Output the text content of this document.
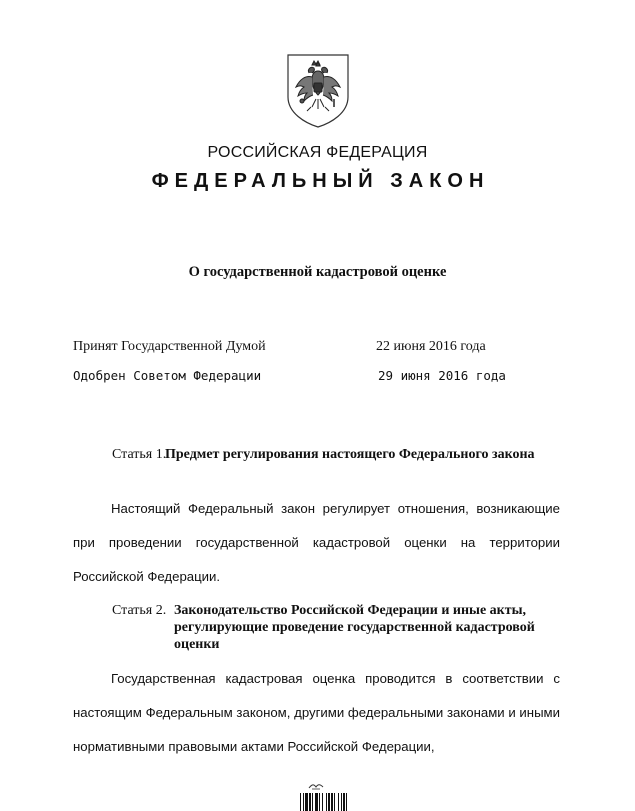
РОССИЙСКАЯ ФЕДЕРАЦИЯ
ФЕДЕРАЛЬНЫЙ ЗАКОН
О государственной кадастровой оценке
Принят Государственной Думой	22 июня 2016 года
Одобрен Советом Федерации	29 июня 2016 года
Статья 1.
Предмет регулирования настоящего Федерального закона

Настоящий Федеральный закон регулирует отношения, возникающие при проведении государственной кадастровой оценки на территории Российской Федерации.

Статья 2. Законодательство Российской Федерации и иные акты, регулирующие проведение государственной кадастровой оценки

Государственная кадастровая оценка проводится в соответствии с настоящим Федеральным законом, другими федеральными законами и иными нормативными правовыми актами Российской Федерации,
